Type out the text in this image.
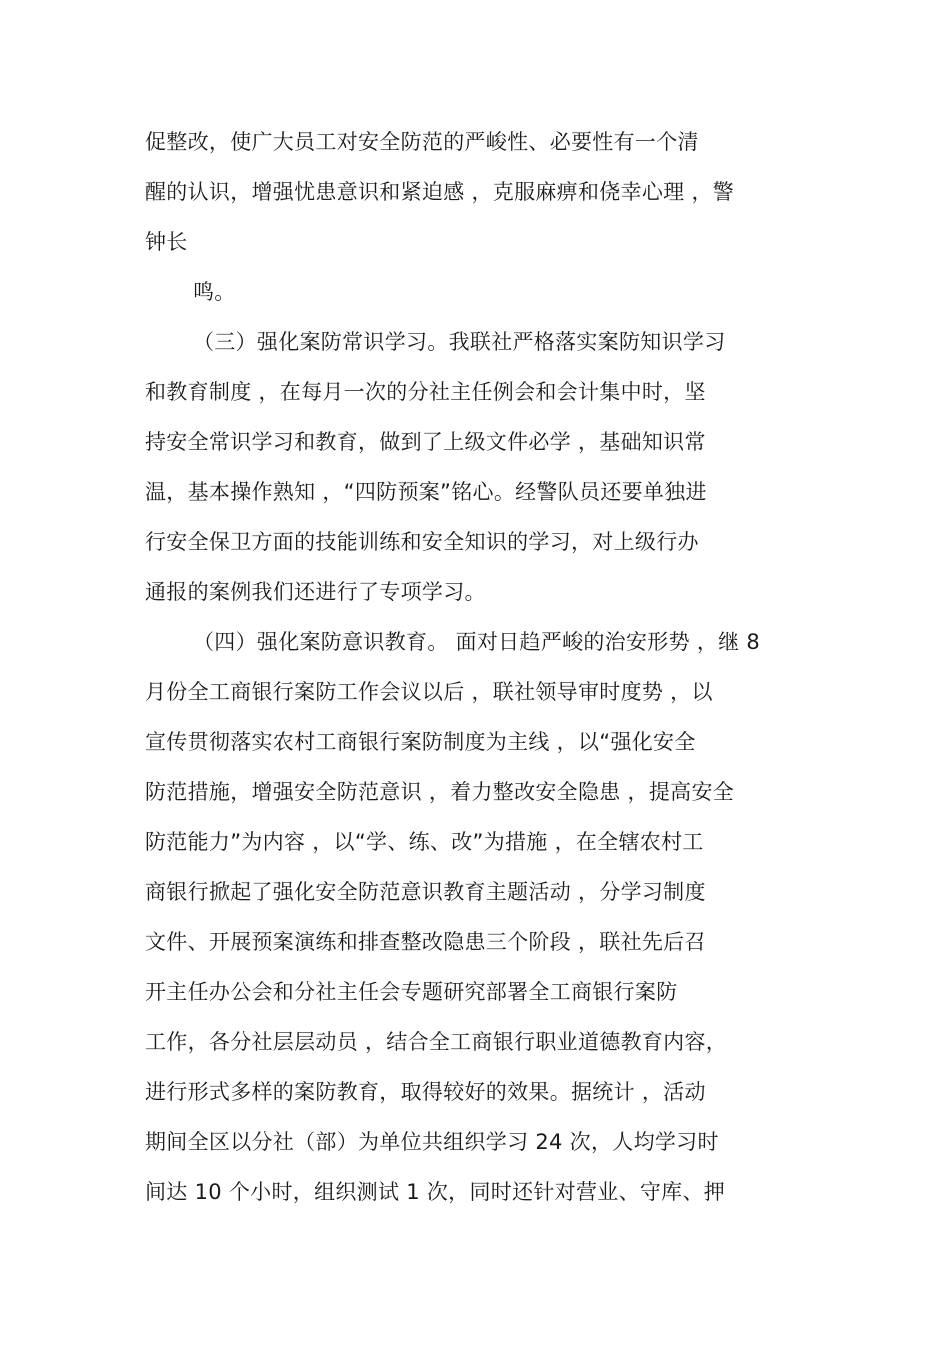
促整改，使广大员工对安全防范的严峻性、必要性有一个清
醒的认识，增强忧患意识和紧迫感 ，克服麻痹和侥幸心理 ，警
钟长
鸣。
（三）强化案防常识学习。我联社严格落实案防知识学习
和教育制度 ，在每月一次的分社主任例会和会计集中时，坚
持安全常识学习和教育，做到了上级文件必学 ，基础知识常
温，基本操作熟知 ，“四防预案”铭心。经警队员还要单独进
行安全保卫方面的技能训练和安全知识的学习，对上级行办
通报的案例我们还进行了专项学习。
（四）强化案防意识教育。 面对日趋严峻的治安形势 ，继 8
月份全工商银行案防工作会议以后 ，联社领导审时度势 ，以
宣传贯彻落实农村工商银行案防制度为主线 ，以“强化安全
防范措施，增强安全防范意识 ，着力整改安全隐患 ，提高安全
防范能力”为内容 ，以“学、练、改”为措施 ，在全辖农村工
商银行掀起了强化安全防范意识教育主题活动 ，分学习制度
文件、开展预案演练和排查整改隐患三个阶段 ，联社先后召
开主任办公会和分社主任会专题研究部署全工商银行案防
工作，各分社层层动员 ，结合全工商银行职业道德教育内容，
进行形式多样的案防教育，取得较好的效果。据统计 ，活动
期间全区以分社（部）为单位共组织学习 24 次，人均学习时
间达 10 个小时，组织测试 1 次，同时还针对营业、守库、押
